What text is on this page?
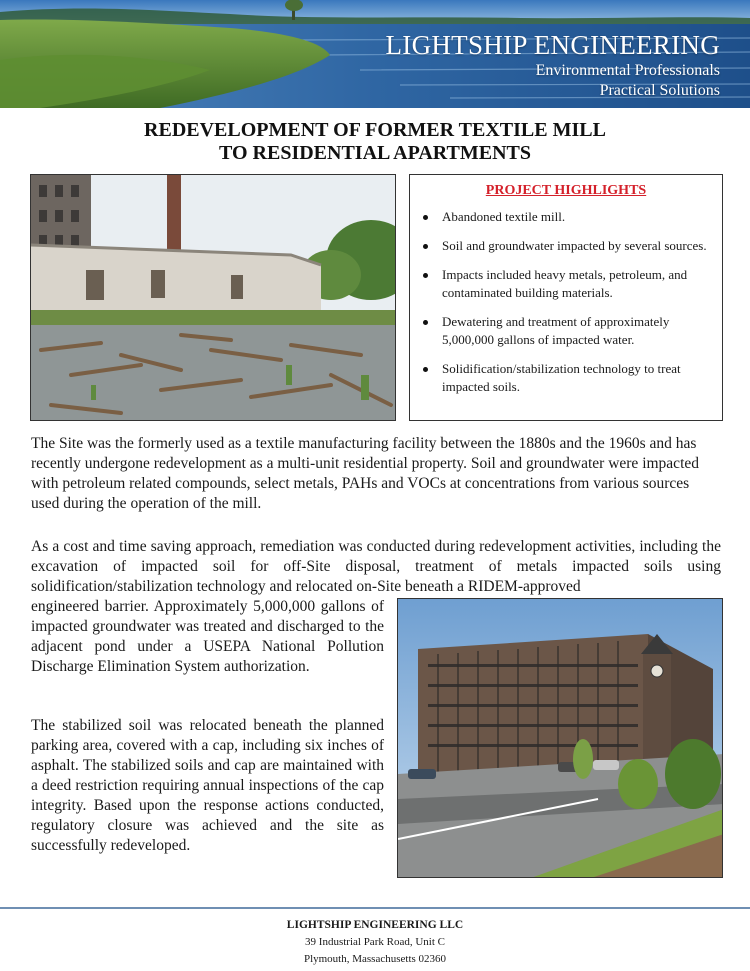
LIGHTSHIP ENGINEERING
Environmental Professionals
Practical Solutions
REDEVELOPMENT OF FORMER TEXTILE MILL
TO RESIDENTIAL APARTMENTS
PROJECT HIGHLIGHTS
Abandoned textile mill.
Soil and groundwater impacted by several sources.
Impacts included heavy metals, petroleum, and contaminated building materials.
Dewatering and treatment of approximately 5,000,000 gallons of impacted water.
Solidification/stabilization technology to treat impacted soils.

The Site was the formerly used as a textile manufacturing facility between the 1880s and the 1960s and has recently undergone redevelopment as a multi-unit residential property. Soil and groundwater were impacted with petroleum related compounds, select metals, PAHs and VOCs at concentrations from various sources used during the operation of the mill.

As a cost and time saving approach, remediation was conducted during redevelopment activities, including the excavation of impacted soil for off-Site disposal, treatment of metals impacted soils using solidification/stabilization technology and relocated on-Site beneath a RIDEM-approved

engineered barrier. Approximately 5,000,000 gallons of impacted groundwater was treated and discharged to the adjacent pond under a USEPA National Pollution Discharge Elimination System authorization.

The stabilized soil was relocated beneath the planned parking area, covered with a cap, including six inches of asphalt. The stabilized soils and cap are maintained with a deed restriction requiring annual inspections of the cap integrity. Based upon the response actions conducted, regulatory closure was achieved and the site as successfully redeveloped.

LIGHTSHIP ENGINEERING LLC
39 Industrial Park Road, Unit C
Plymouth, Massachusetts 02360
